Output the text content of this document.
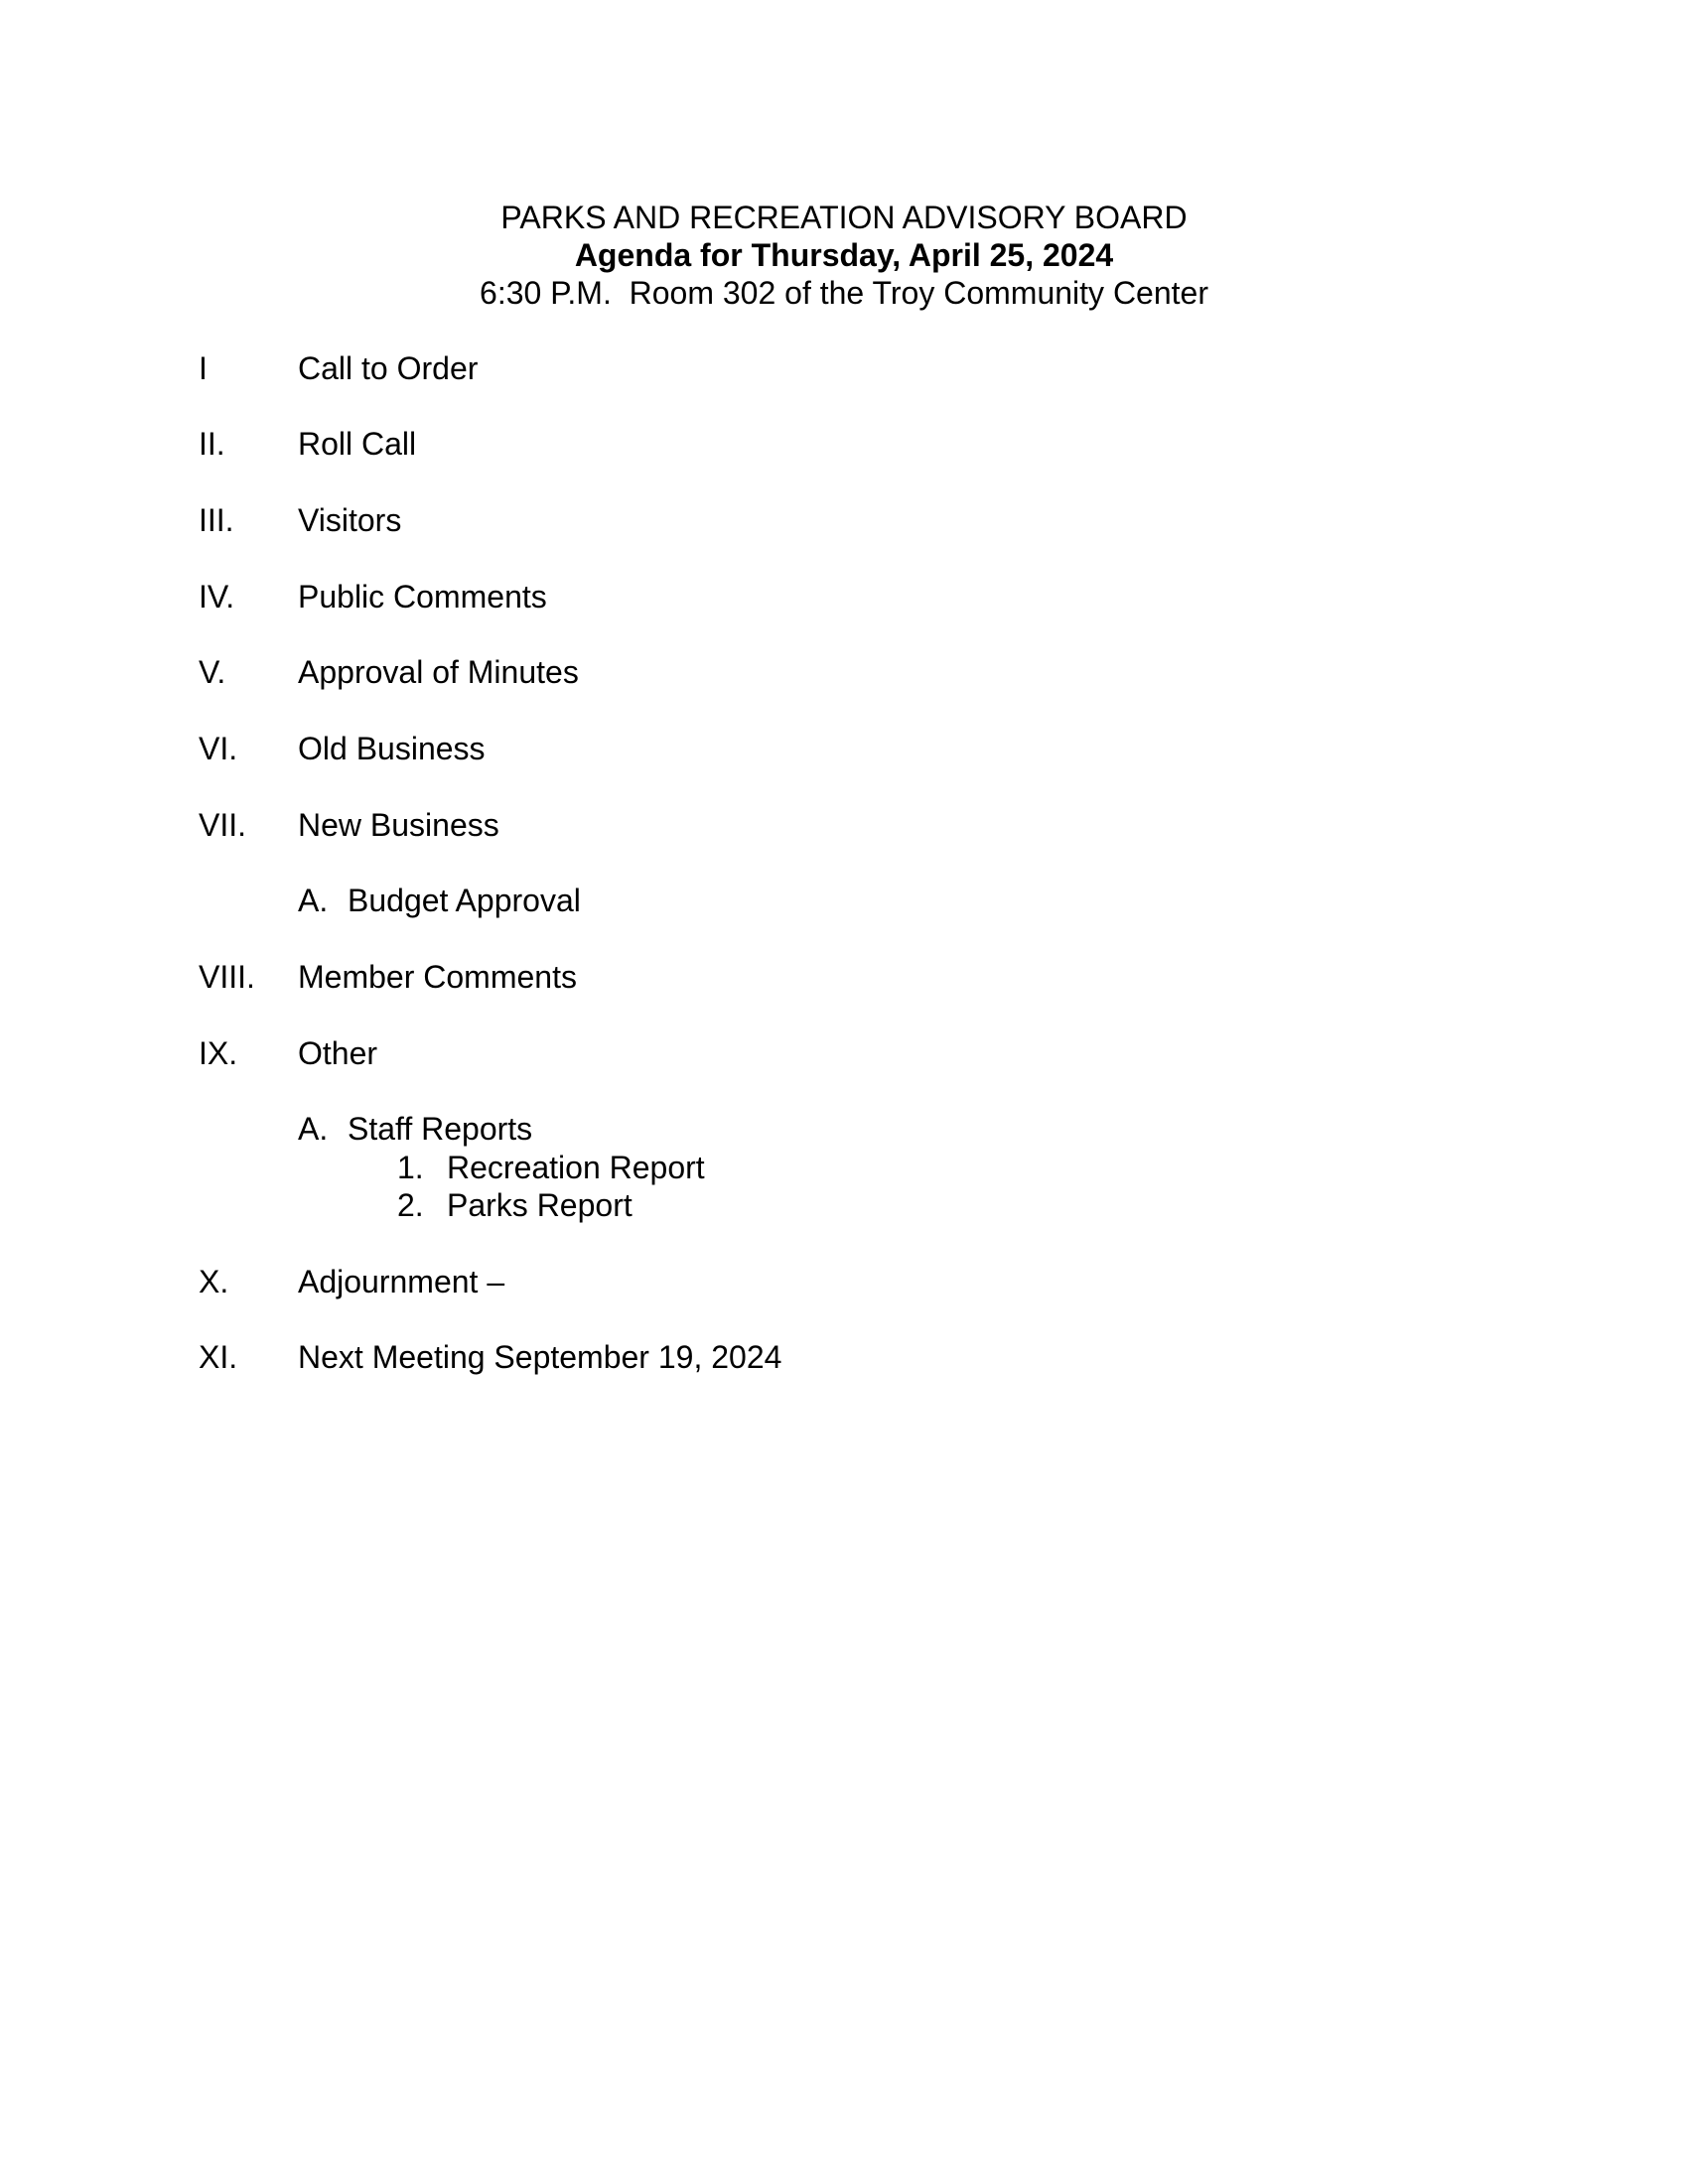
PARKS AND RECREATION ADVISORY BOARD
Agenda for Thursday, April 25, 2024
6:30 P.M.  Room 302 of the Troy Community Center
I	Call to Order
II. Roll Call
III. Visitors
IV. Public Comments
V. Approval of Minutes
VI. Old Business
VII. New Business
A. Budget Approval
VIII. Member Comments
IX. Other
A. Staff Reports
1. Recreation Report
2. Parks Report
X. Adjournment –
XI. Next Meeting September 19, 2024
